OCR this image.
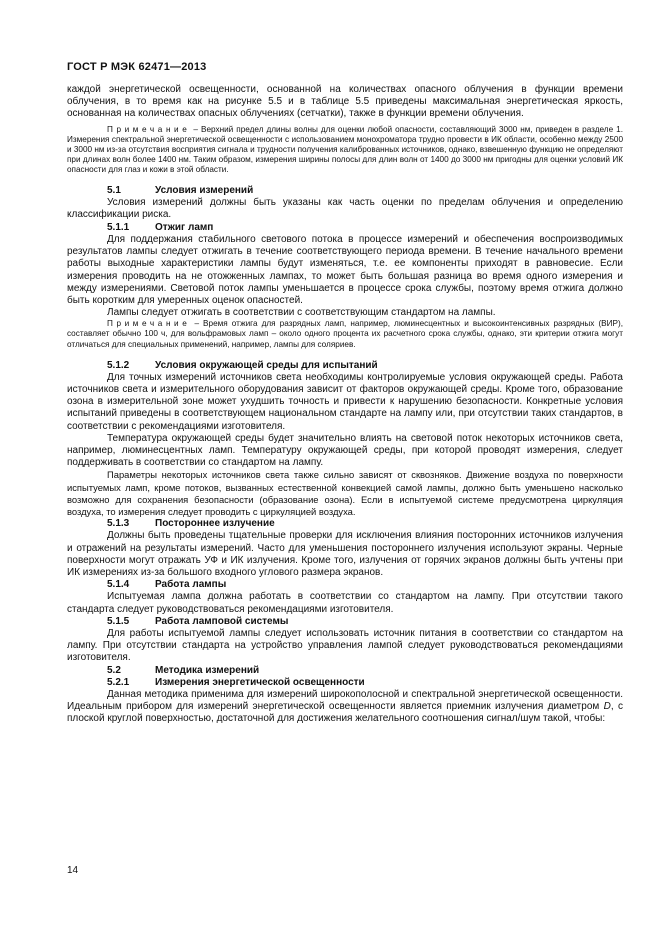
ГОСТ Р МЭК 62471—2013

каждой энергетической освещенности, основанной на количествах опасного облучения в функции времени облучения, в то время как на рисунке 5.5 и в таблице 5.5 приведены максимальная энергетическая яркость, основанная на количествах опасных облучениях (сетчатки), также в функции времени облучения.

Примечание – Верхний предел длины волны для оценки любой опасности, составляющий 3000 нм, приведен в разделе 1. Измерения спектральной энергетической освещенности с использованием монохроматора трудно провести в ИК области, особенно между 2500 и 3000 нм из-за отсутствия восприятия сигнала и трудности получения калиброванных источников, однако, взвешенную функцию не определяют при длинах волн более 1400 нм. Таким образом, измерения ширины полосы для длин волн от 1400 до 3000 нм пригодны для оценки условий ИК опасности для глаз и кожи в этой области.

5.1	Условия измерений

Условия измерений должны быть указаны как часть оценки по пределам облучения и определению классификации риска.

5.1.1	Отжиг ламп

Для поддержания стабильного светового потока в процессе измерений и обеспечения воспроизводимых результатов лампы следует отжигать в течение соответствующего периода времени. В течение начального времени работы выходные характеристики лампы будут изменяться, т.е. ее компоненты приходят в равновесие. Если измерения проводить на не отожженных лампах, то может быть большая разница во время одного измерения и между измерениями. Световой поток лампы уменьшается в процессе срока службы, поэтому время отжига должно быть коротким для умеренных оценок опасностей.

Лампы следует отжигать в соответствии с соответствующим стандартом на лампы.

Примечание – Время отжига для разрядных ламп, например, люминесцентных и высокоинтенсивных разрядных (ВИР), составляет обычно 100 ч, для вольфрамовых ламп – около одного процента их расчетного срока службы, однако, эти критерии отжига могут отличаться для специальных применений, например, лампы для соляриев.

5.1.2	Условия окружающей среды для испытаний

Для точных измерений источников света необходимы контролируемые условия окружающей среды. Работа источников света и измерительного оборудования зависит от факторов окружающей среды. Кроме того, образование озона в измерительной зоне может ухудшить точность и привести к нарушению безопасности. Конкретные условия испытаний приведены в соответствующем национальном стандарте на лампу или, при отсутствии таких стандартов, в соответствии с рекомендациями изготовителя.

Температура окружающей среды будет значительно влиять на световой поток некоторых источников света, например, люминесцентных ламп. Температуру окружающей среды, при которой проводят измерения, следует поддерживать в соответствии со стандартом на лампу.

Параметры некоторых источников света также сильно зависят от сквозняков. Движение воздуха по поверхности испытуемых ламп, кроме потоков, вызванных естественной конвекцией самой лампы, должно быть уменьшено насколько возможно для сохранения безопасности (образование озона). Если в испытуемой системе предусмотрена циркуляция воздуха, то измерения следует проводить с циркуляцией воздуха.

5.1.3	Постороннее излучение

Должны быть проведены тщательные проверки для исключения влияния посторонних источников излучения и отражений на результаты измерений. Часто для уменьшения постороннего излучения используют экраны. Черные поверхности могут отражать УФ и ИК излучения. Кроме того, излучения от горячих экранов должны быть учтены при ИК измерениях из-за большого входного углового размера экранов.

5.1.4	Работа лампы

Испытуемая лампа должна работать в соответствии со стандартом на лампу. При отсутствии такого стандарта следует руководствоваться рекомендациями изготовителя.

5.1.5	Работа ламповой системы

Для работы испытуемой лампы следует использовать источник питания в соответствии со стандартом на лампу. При отсутствии стандарта на устройство управления лампой следует руководствоваться рекомендациями изготовителя.

5.2	Методика измерений
5.2.1	Измерения энергетической освещенности

Данная методика применима для измерений широкополосной и спектральной энергетической освещенности. Идеальным прибором для измерений энергетической освещенности является приемник излучения диаметром D, с плоской круглой поверхностью, достаточной для достижения желательного соотношения сигнал/шум такой, чтобы:

14
